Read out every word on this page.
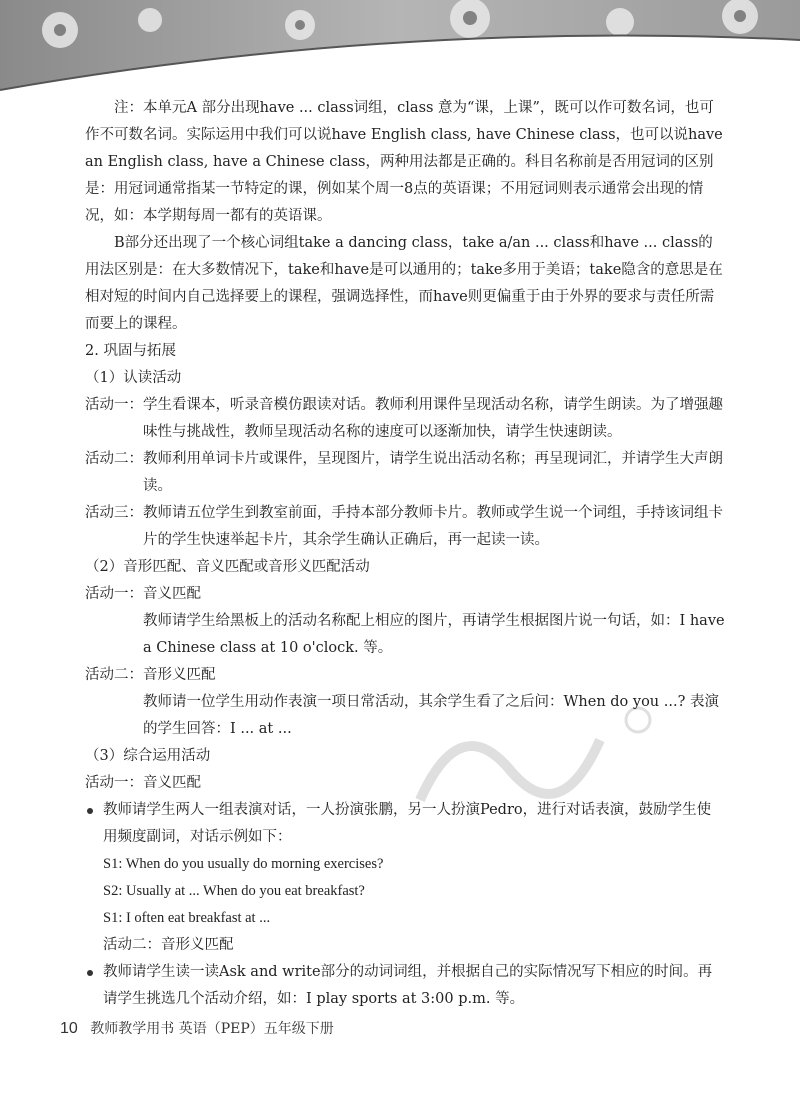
注：本单元A 部分出现have ... class词组，class 意为“课，上课”，既可以作可数名词，也可作不可数名词。实际运用中我们可以说have English class, have Chinese class，也可以说have an English class, have a Chinese class，两种用法都是正确的。科目名称前是否用冠词的区别是：用冠词通常指某一节特定的课，例如某个周一8点的英语课；不用冠词则表示通常会出现的情况，如：本学期每周一都有的英语课。

B部分还出现了一个核心词组take a dancing class，take a/an ... class和have ... class的用法区别是：在大多数情况下，take和have是可以通用的；take多用于美语；take隐含的意思是在相对短的时间内自己选择要上的课程，强调选择性，而have则更偏重于由于外界的要求与责任所需而要上的课程。

2. 巩固与拓展

（1）认读活动

活动一：学生看课本，听录音模仿跟读对话。教师利用课件呈现活动名称，请学生朗读。为了增强趣味性与挑战性，教师呈现活动名称的速度可以逐渐加快，请学生快速朗读。

活动二：教师利用单词卡片或课件，呈现图片，请学生说出活动名称；再呈现词汇，并请学生大声朗读。

活动三：教师请五位学生到教室前面，手持本部分教师卡片。教师或学生说一个词组，手持该词组卡片的学生快速举起卡片，其余学生确认正确后，再一起读一读。

（2）音形匹配、音义匹配或音形义匹配活动

活动一：音义匹配

教师请学生给黑板上的活动名称配上相应的图片，再请学生根据图片说一句话，如：I have a Chinese class at 10 o'clock. 等。

活动二：音形义匹配

教师请一位学生用动作表演一项日常活动，其余学生看了之后问：When do you ...? 表演的学生回答：I ... at ...

（3）综合运用活动

活动一：音义匹配

教师请学生两人一组表演对话，一人扮演张鹏，另一人扮演Pedro，进行对话表演，鼓励学生使用频度副词，对话示例如下：

S1: When do you usually do morning exercises?

S2: Usually at ... When do you eat breakfast?

S1: I often eat breakfast at ...

活动二：音形义匹配

教师请学生读一读Ask and write部分的动词词组，并根据自己的实际情况写下相应的时间。再请学生挑选几个活动介绍，如：I play sports at 3:00 p.m. 等。
10 教师教学用书 英语（PEP）五年级下册
